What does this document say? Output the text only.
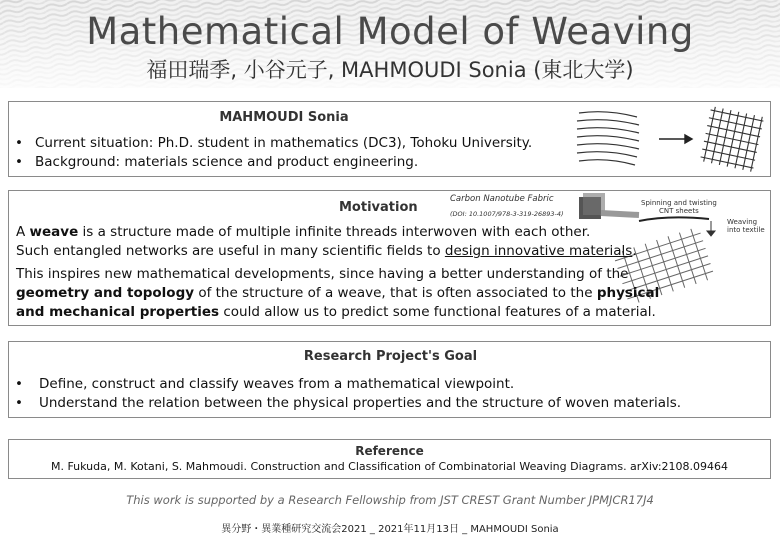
Mathematical Model of Weaving
福田瑞季, 小谷元子, MAHMOUDI Sonia (東北大学)
MAHMOUDI Sonia
• Current situation: Ph.D. student in mathematics (DC3), Tohoku University.
• Background: materials science and product engineering.
Motivation
Carbon Nanotube Fabric
(DOI: 10.1007/978-3-319-26893-4)
Spinning and twisting
CNT sheets
Weaving
into textile

A weave is a structure made of multiple infinite threads interwoven with each other.

Such entangled networks are useful in many scientific fields to design innovative materials.

This inspires new mathematical developments, since having a better understanding of the

geometry and topology of the structure of a weave, that is often associated to the physical

and mechanical properties could allow us to predict some functional features of a material.

Research Project's Goal
• Define, construct and classify weaves from a mathematical viewpoint.
• Understand the relation between the physical properties and the structure of woven materials.
Reference
M. Fukuda, M. Kotani, S. Mahmoudi. Construction and Classification of Combinatorial Weaving Diagrams. arXiv:2108.09464
This work is supported by a Research Fellowship from JST CREST Grant Number JPMJCR17J4
異分野・異業種研究交流会2021 _ 2021年11月13日 _ MAHMOUDI Sonia
